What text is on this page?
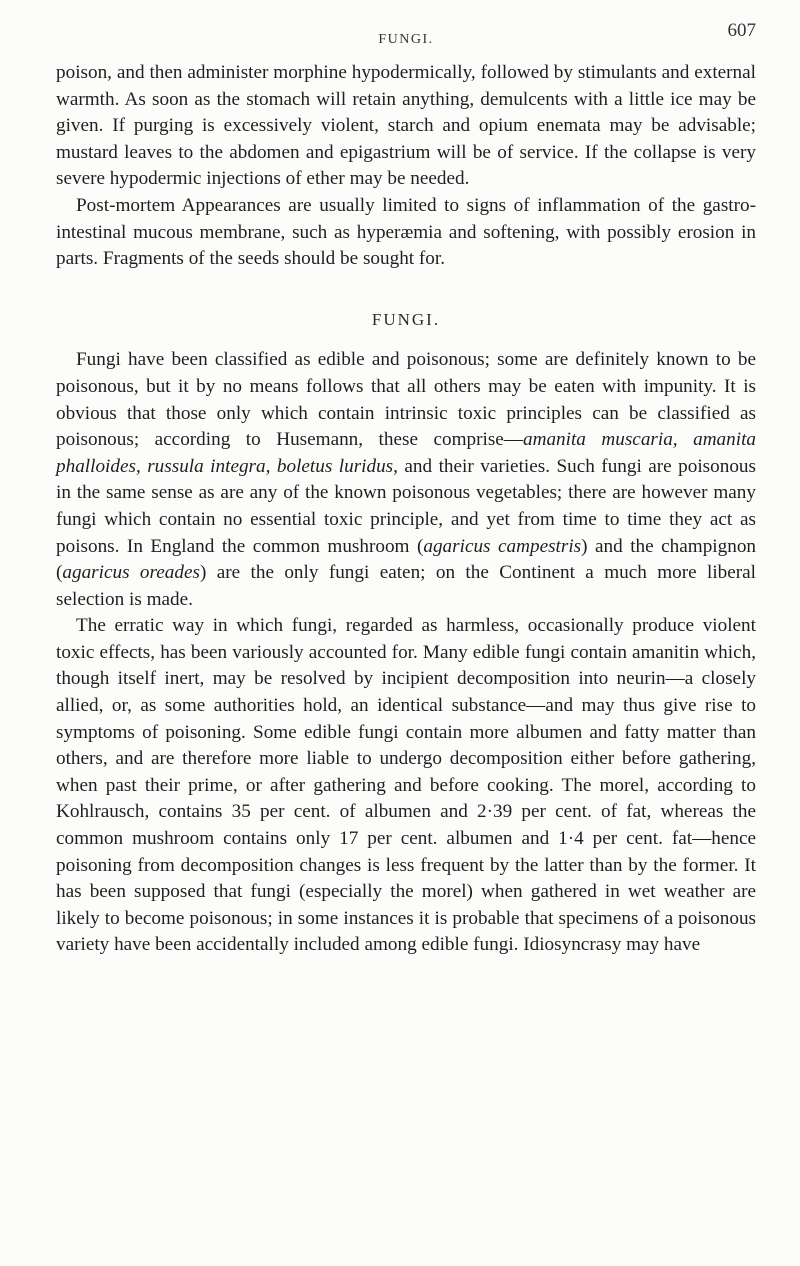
FUNGI.	607

poison, and then administer morphine hypodermically, followed by stimulants and external warmth. As soon as the stomach will retain anything, demulcents with a little ice may be given. If purging is excessively violent, starch and opium enemata may be advisable; mustard leaves to the abdomen and epigastrium will be of service. If the collapse is very severe hypodermic injections of ether may be needed.

Post-mortem Appearances are usually limited to signs of inflammation of the gastro-intestinal mucous membrane, such as hyperæmia and softening, with possibly erosion in parts. Fragments of the seeds should be sought for.

FUNGI.

Fungi have been classified as edible and poisonous; some are definitely known to be poisonous, but it by no means follows that all others may be eaten with impunity. It is obvious that those only which contain intrinsic toxic principles can be classified as poisonous; according to Husemann, these comprise—amanita muscaria, amanita phalloides, russula integra, boletus luridus, and their varieties. Such fungi are poisonous in the same sense as are any of the known poisonous vegetables; there are however many fungi which contain no essential toxic principle, and yet from time to time they act as poisons. In England the common mushroom (agaricus campestris) and the champignon (agaricus oreades) are the only fungi eaten; on the Continent a much more liberal selection is made.

The erratic way in which fungi, regarded as harmless, occasionally produce violent toxic effects, has been variously accounted for. Many edible fungi contain amanitin which, though itself inert, may be resolved by incipient decomposition into neurin—a closely allied, or, as some authorities hold, an identical substance—and may thus give rise to symptoms of poisoning. Some edible fungi contain more albumen and fatty matter than others, and are therefore more liable to undergo decomposition either before gathering, when past their prime, or after gathering and before cooking. The morel, according to Kohlrausch, contains 35 per cent. of albumen and 2·39 per cent. of fat, whereas the common mushroom contains only 17 per cent. albumen and 1·4 per cent. fat—hence poisoning from decomposition changes is less frequent by the latter than by the former. It has been supposed that fungi (especially the morel) when gathered in wet weather are likely to become poisonous; in some instances it is probable that specimens of a poisonous variety have been accidentally included among edible fungi. Idiosyncrasy may have
